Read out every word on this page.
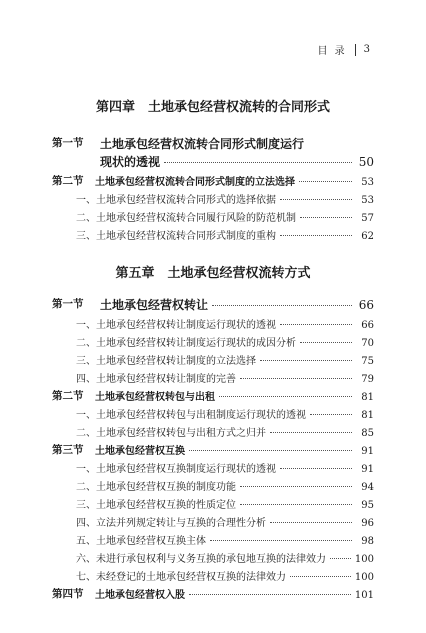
目 录 3
第四章　土地承包经营权流转的合同形式
第一节 土地承包经营权流转合同形式制度运行
现状的透视	50
第二节 土地承包经营权流转合同形式制度的立法选择	53
一、土地承包经营权流转合同形式的选择依据	53
二、土地承包经营权流转合同履行风险的防范机制	57
三、土地承包经营权流转合同形式制度的重构	62
第五章　土地承包经营权流转方式
第一节 土地承包经营权转让	66
一、土地承包经营权转让制度运行现状的透视	66
二、土地承包经营权转让制度运行现状的成因分析	70
三、土地承包经营权转让制度的立法选择	75
四、土地承包经营权转让制度的完善	79
第二节 土地承包经营权转包与出租	81
一、土地承包经营权转包与出租制度运行现状的透视	81
二、土地承包经营权转包与出租方式之归并	85
第三节 土地承包经营权互换	91
一、土地承包经营权互换制度运行现状的透视	91
二、土地承包经营权互换的制度功能	94
三、土地承包经营权互换的性质定位	95
四、立法并列规定转让与互换的合理性分析	96
五、土地承包经营权互换主体	98
六、未进行承包权利与义务互换的承包地互换的法律效力	100
七、未经登记的土地承包经营权互换的法律效力	100
第四节 土地承包经营权入股	101
